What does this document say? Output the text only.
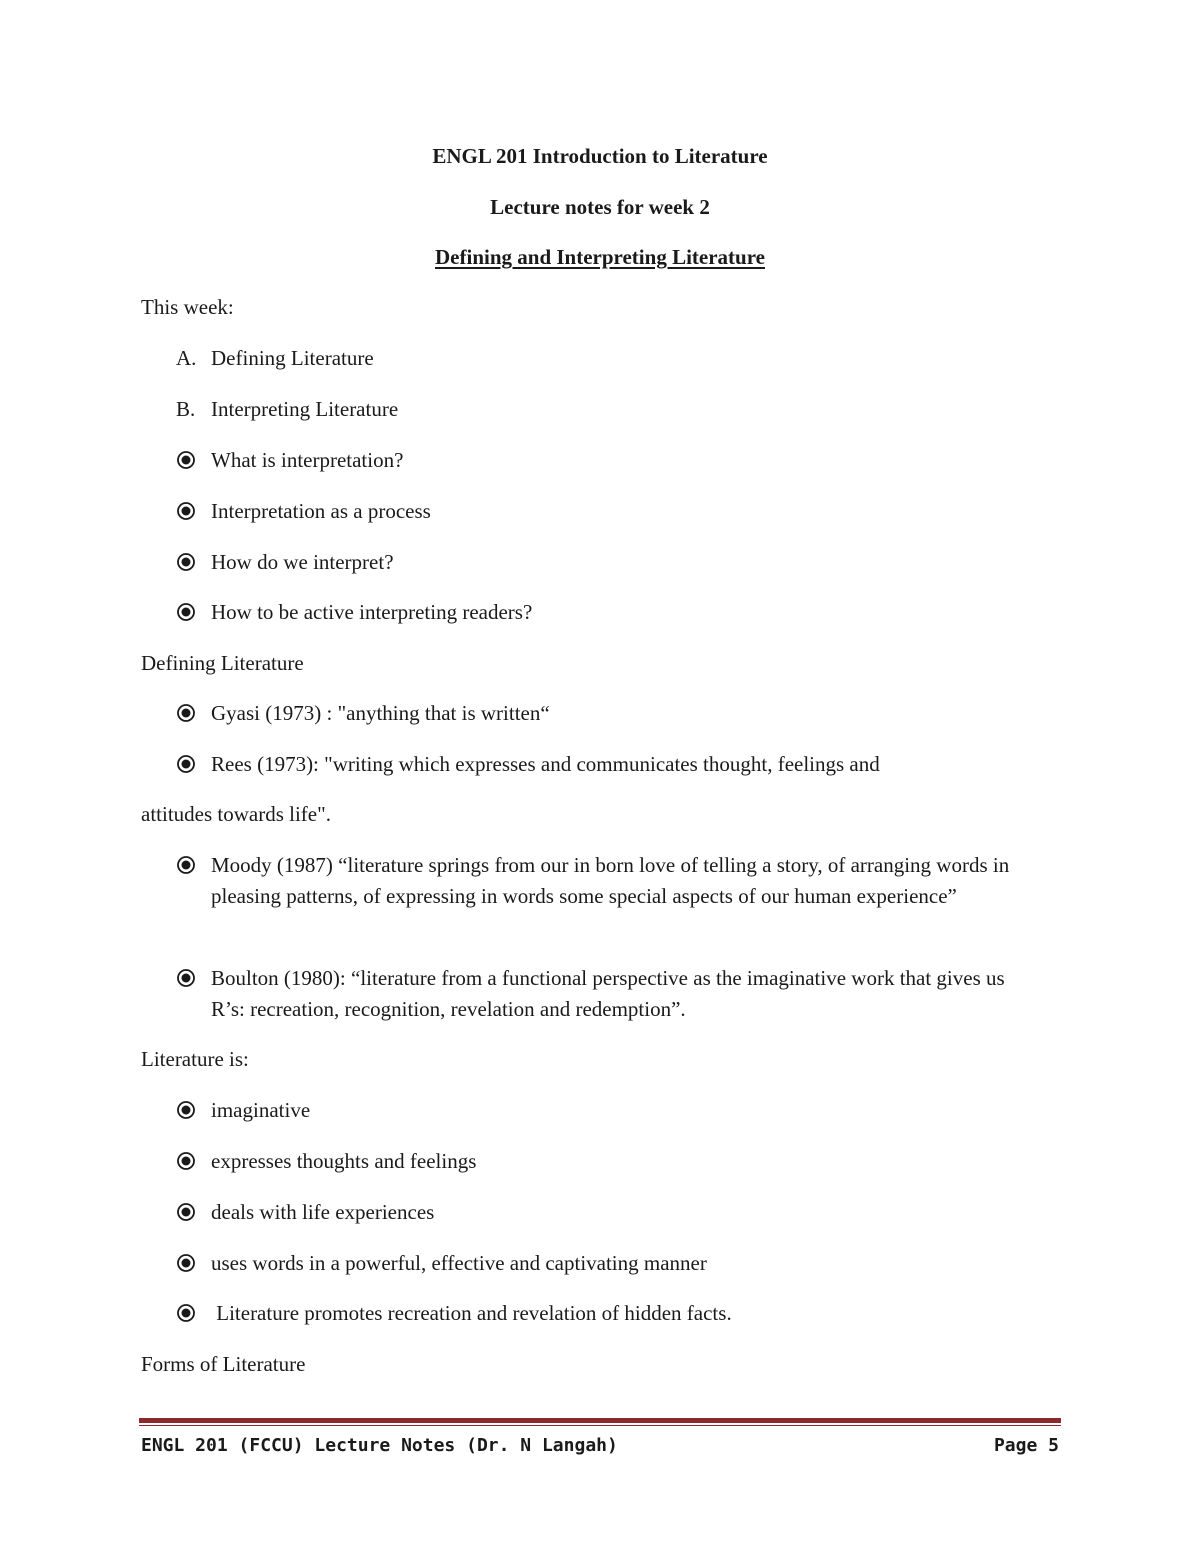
ENGL 201 Introduction to Literature
Lecture notes for week 2
Defining and Interpreting Literature
This week:
A. Defining Literature
B. Interpreting Literature
What is interpretation?
Interpretation as a process
How do we interpret?
How to be active interpreting readers?
Defining Literature
Gyasi (1973) : "anything that is written“
Rees (1973): "writing which expresses and communicates thought, feelings and
attitudes towards life".
Moody (1987) “literature springs from our in born love of telling a story, of arranging words in pleasing patterns, of expressing in words some special aspects of our human experience”
Boulton (1980): “literature from a functional perspective as the imaginative work that gives us R’s: recreation, recognition, revelation and redemption”.
Literature is:
imaginative
expresses thoughts and feelings
deals with life experiences
uses words in a powerful, effective and captivating manner
Literature promotes recreation and revelation of hidden facts.
Forms of Literature
ENGL 201 (FCCU) Lecture Notes (Dr. N Langah)	Page 5
